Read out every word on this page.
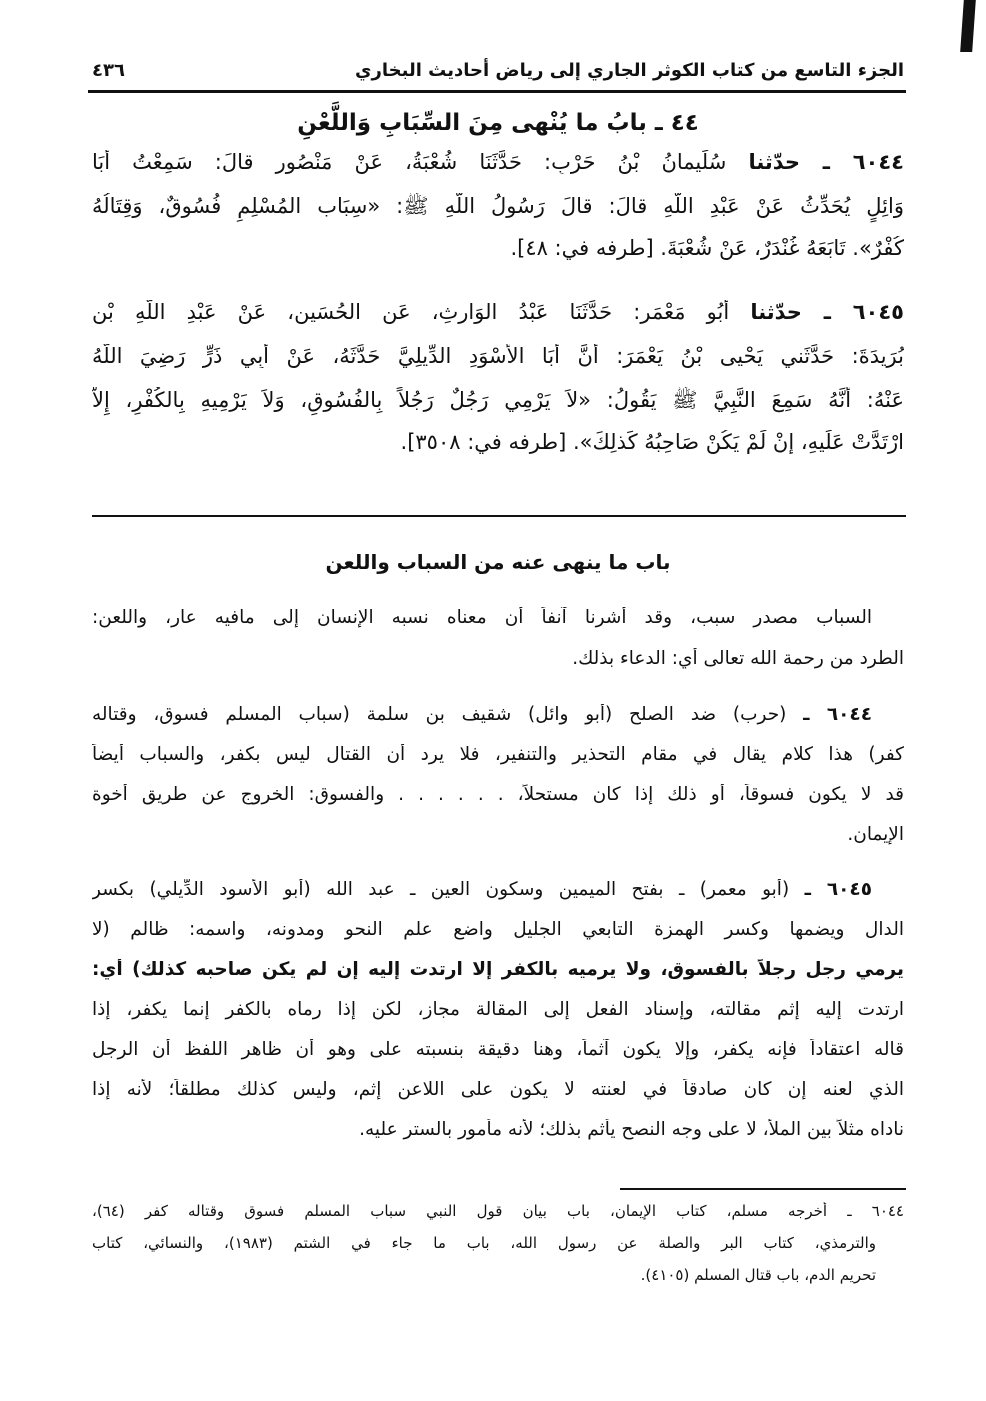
٤٣٦	الجزء التاسع من كتاب الكوثر الجاري إلى رياض أحاديث البخاري
٤٤ ـ بابُ ما يُنْهى مِنَ السِّبَابِ وَاللَّعْنِ
٦٠٤٤ ـ حدّثنا سُلَيمانُ بْنُ حَرْبٍ: حَدَّثَنَا شُعْبَةُ، عَنْ مَنْصُورٍ قالَ: سَمِعْتُ أَبَا
وَائِلٍ يُحَدِّثُ عَنْ عَبْدِ اللّهِ قالَ: قالَ رَسُولُ اللّهِ ﷺ: «سِبَاب المُسْلِمِ فُسُوقٌ، وَقِتَالُهُ
كُفْرٌ». تَابَعَهُ غُنْدَرٌ، عَنْ شُعْبَةَ. [طرفه في: ٤٨].
٦٠٤٥ ـ حدّثنا أَبُو مَعْمَرٍ: حَدَّثَنَا عَبْدُ الوَارِثِ، عَنِ الحُسَينِ، عَنْ عَبْدِ اللّهِ بْنِ
بُرَيدَةَ: حَدَّثَني يَحْيى بْنُ يَعْمَرَ: أَنَّ أَبَا الأَسْوَدِ الدِّيلِيَّ حَدَّثَهُ، عَنْ أَبِي ذَرٍّ رَضِيَ اللّهُ
عَنْهُ: أَنَّهُ سَمِعَ النَّبِيَّ ﷺ يَقُولُ: «لاَ يَرْمِي رَجُلٌ رَجُلاً بِالفُسُوقِ، وَلاَ يَرْمِيهِ بِالكُفْرِ، إِلاَّ
ارْتَدَّتْ عَلَيهِ، إِنْ لَمْ يَكُنْ صَاحِبُهُ كَذلِكَ». [طرفه في: ٣٥٠٨].
باب ما ينهى عنه من السباب واللعن
السباب مصدر سبب، وقد أشرنا آنفاً أن معناه نسبه الإنسان إلى مافيه عار، واللعن:
الطرد من رحمة الله تعالى أي: الدعاء بذلك.
٦٠٤٤ ـ (حرب) ضد الصلح (أبو وائل) شقيف بن سلمة (سباب المسلم فسوق، وقتاله
كفر) هذا كلام يقال في مقام التحذير والتنفير، فلا يرد أن القتال ليس بكفر، والسباب أيضاً
قد لا يكون فسوقاً، أو ذلك إذا كان مستحلاً، . . . . . . والفسوق: الخروج عن طريق أخوة
الإيمان.
٦٠٤٥ ـ (أبو معمر) ـ بفتح الميمين وسكون العين ـ عبد الله (أبو الأسود الدِّيلي) بكسر
الدال ويضمها وكسر الهمزة التابعي الجليل واضع علم النحو ومدونه، واسمه: ظالم (لا
يرمي رجل رجلاً بالفسوق، ولا يرميه بالكفر إلا ارتدت إليه إن لم يكن صاحبه كذلك) أي:
ارتدت إليه إثم مقالته، وإسناد الفعل إلى المقالة مجاز، لكن إذا رماه بالكفر إنما يكفر، إذا
قاله اعتقاداً فإنه يكفر، وإلا يكون آثماً، وهنا دقيقة بنسبته على وهو أن ظاهر اللفظ أن الرجل
الذي لعنه إن كان صادقاً في لعنته لا يكون على اللاعن إثم، وليس كذلك مطلقاً؛ لأنه إذا
ناداه مثلاً بين الملأ، لا على وجه النصح يأثم بذلك؛ لأنه مأمور بالستر عليه.
٦٠٤٤ ـ أخرجه مسلم، كتاب الإيمان، باب بيان قول النبي سباب المسلم فسوق وقتاله كفر (٦٤)،
والترمذي، كتاب البر والصلة عن رسول الله، باب ما جاء في الشتم (١٩٨٣)، والنسائي، كتاب
تحريم الدم، باب قتال المسلم (٤١٠٥).
